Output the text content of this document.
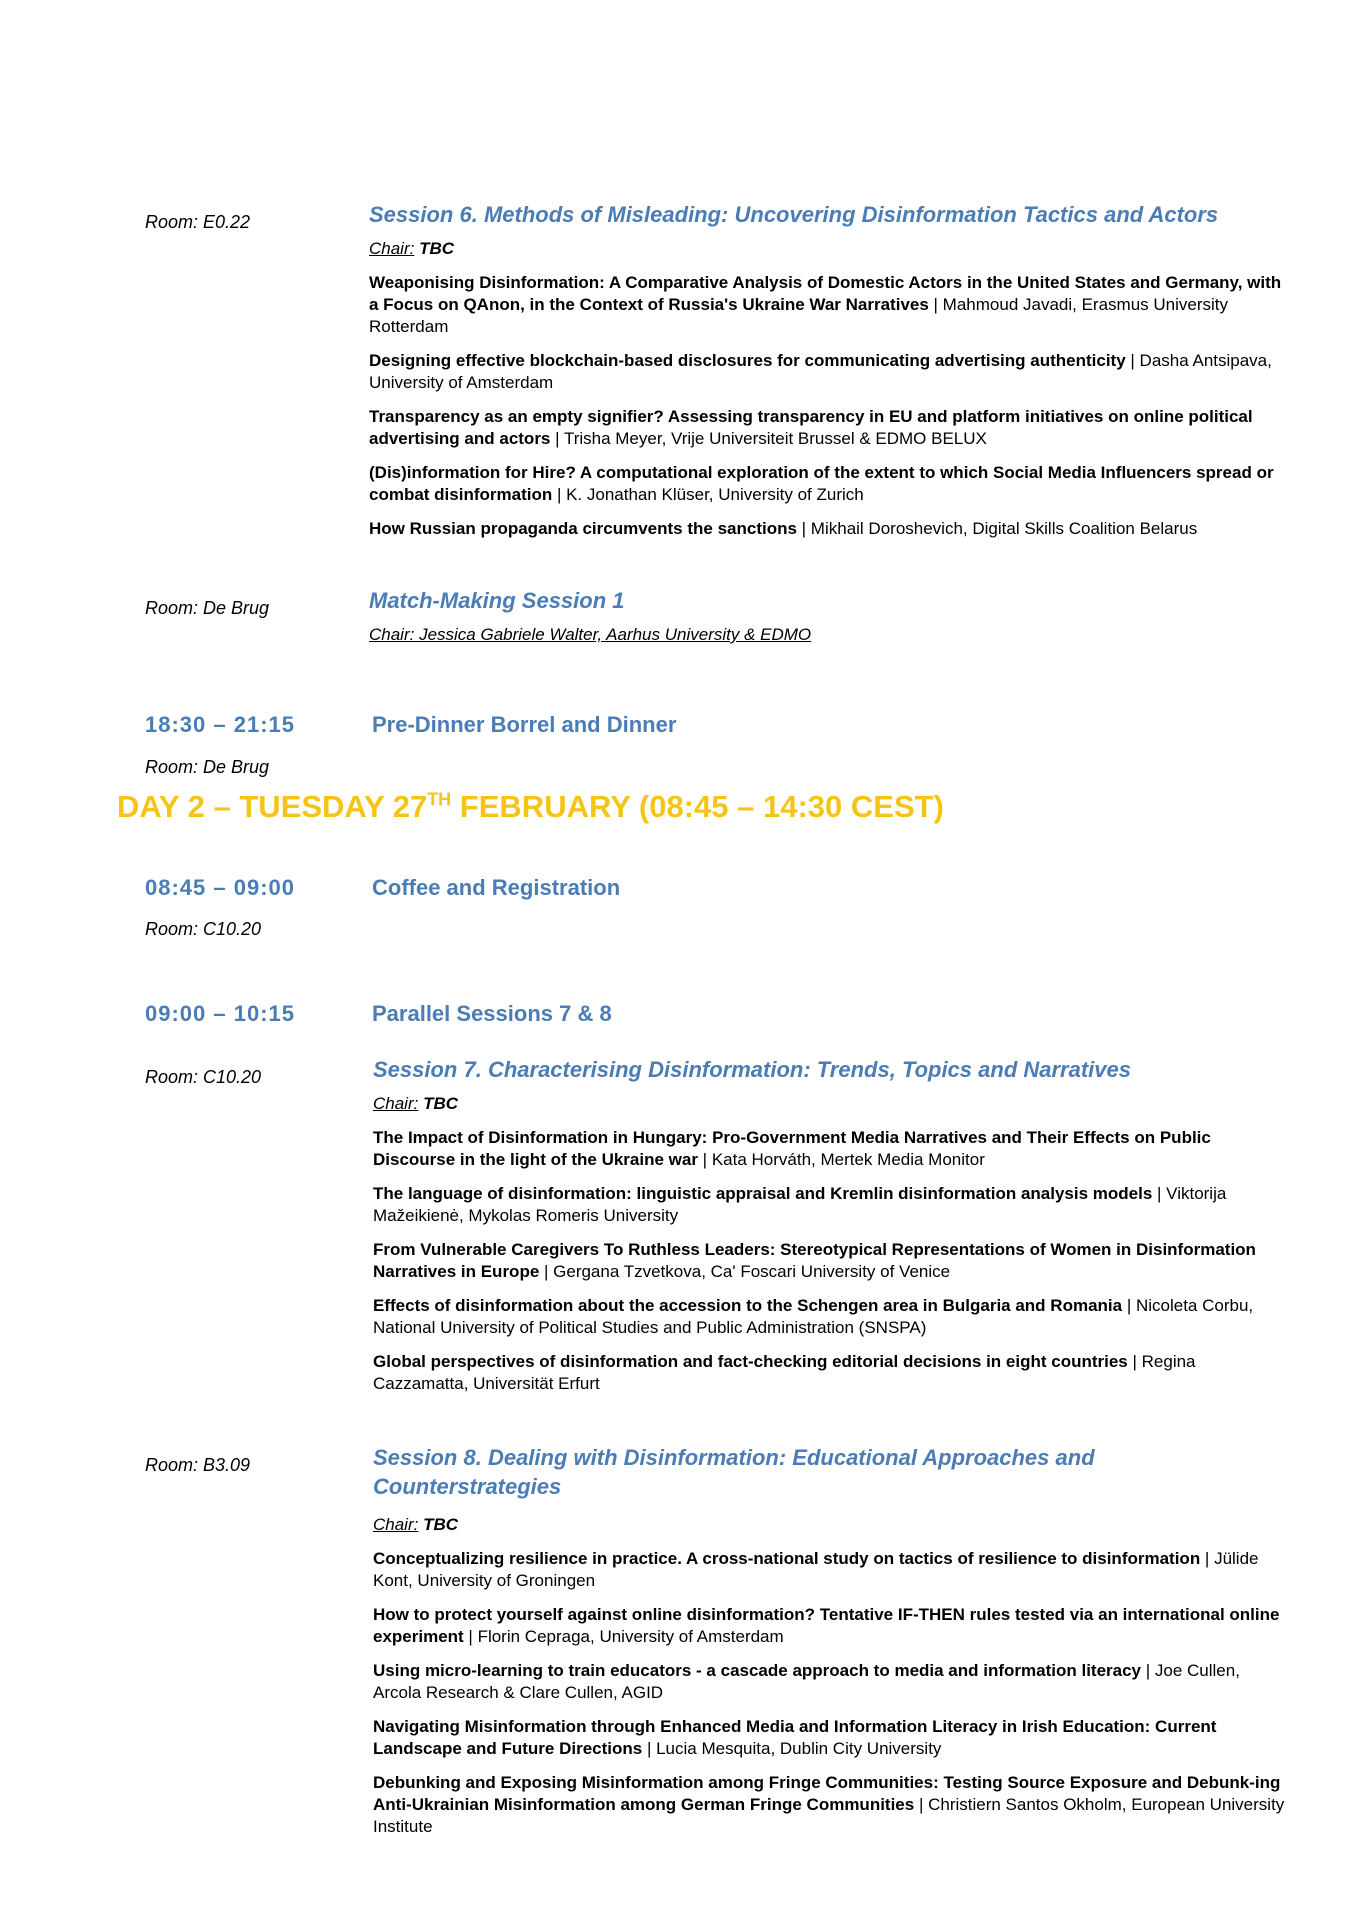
Room: E0.22	Session 6. Methods of Misleading: Uncovering Disinformation Tactics and Actors
Chair: TBC
Weaponising Disinformation: A Comparative Analysis of Domestic Actors in the United States and Germany, with a Focus on QAnon, in the Context of Russia's Ukraine War Narratives | Mahmoud Javadi, Erasmus University Rotterdam
Designing effective blockchain-based disclosures for communicating advertising authenticity | Dasha Antsipava, University of Amsterdam
Transparency as an empty signifier? Assessing transparency in EU and platform initiatives on online political advertising and actors | Trisha Meyer, Vrije Universiteit Brussel & EDMO BELUX
(Dis)information for Hire? A computational exploration of the extent to which Social Media Influencers spread or combat disinformation | K. Jonathan Klüser, University of Zurich
How Russian propaganda circumvents the sanctions | Mikhail Doroshevich, Digital Skills Coalition Belarus
Room: De Brug	Match-Making Session 1
Chair: Jessica Gabriele Walter, Aarhus University & EDMO
18:30 – 21:15	Pre-Dinner Borrel and Dinner
Room: De Brug
DAY 2 – TUESDAY 27TH FEBRUARY (08:45 – 14:30 CEST)
08:45 – 09:00	Coffee and Registration
Room: C10.20
09:00 – 10:15	Parallel Sessions 7 & 8
Room: C10.20	Session 7. Characterising Disinformation: Trends, Topics and Narratives
Chair: TBC
The Impact of Disinformation in Hungary: Pro-Government Media Narratives and Their Effects on Public Discourse in the light of the Ukraine war | Kata Horváth, Mertek Media Monitor
The language of disinformation: linguistic appraisal and Kremlin disinformation analysis models | Viktorija Mažeikienė, Mykolas Romeris University
From Vulnerable Caregivers To Ruthless Leaders: Stereotypical Representations of Women in Disinformation Narratives in Europe | Gergana Tzvetkova, Ca' Foscari University of Venice
Effects of disinformation about the accession to the Schengen area in Bulgaria and Romania | Nicoleta Corbu, National University of Political Studies and Public Administration (SNSPA)
Global perspectives of disinformation and fact-checking editorial decisions in eight countries | Regina Cazzamatta, Universität Erfurt
Room: B3.09	Session 8. Dealing with Disinformation: Educational Approaches and Counterstrategies
Chair: TBC
Conceptualizing resilience in practice. A cross-national study on tactics of resilience to disinformation | Jülide Kont, University of Groningen
How to protect yourself against online disinformation? Tentative IF-THEN rules tested via an international online experiment | Florin Cepraga, University of Amsterdam
Using micro-learning to train educators - a cascade approach to media and information literacy | Joe Cullen, Arcola Research & Clare Cullen, AGID
Navigating Misinformation through Enhanced Media and Information Literacy in Irish Education: Current Landscape and Future Directions | Lucia Mesquita, Dublin City University
Debunking and Exposing Misinformation among Fringe Communities: Testing Source Exposure and Debunk-ing Anti-Ukrainian Misinformation among German Fringe Communities | Christiern Santos Okholm, European University Institute
